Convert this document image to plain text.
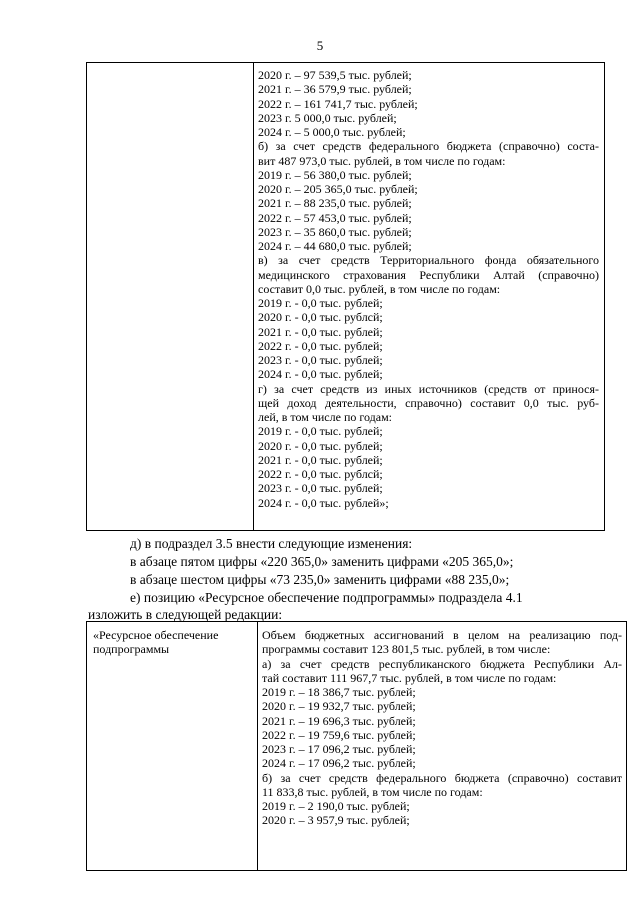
5
2020 г. – 97 539,5 тыс. рублей;
2021 г. – 36 579,9 тыс. рублей;
2022 г. – 161 741,7 тыс. рублей;
2023 г. 5 000,0 тыс. рублей;
2024 г. – 5 000,0 тыс. рублей;
б) за счет средств федерального бюджета (справочно) соста-
вит 487 973,0 тыс. рублей, в том числе по годам:
2019 г. – 56 380,0 тыс. рублей;
2020 г. – 205 365,0 тыс. рублей;
2021 г. – 88 235,0 тыс. рублей;
2022 г. – 57 453,0 тыс. рублей;
2023 г. – 35 860,0 тыс. рублей;
2024 г. – 44 680,0 тыс. рублей;
в) за счет средств Территориального фонда обязательного
медицинского страхования Республики Алтай (справочно)
составит 0,0 тыс. рублей, в том числе по годам:
2019 г. - 0,0 тыс. рублей;
2020 г. - 0,0 тыс. рублсй;
2021 г. - 0,0 тыс. рублей;
2022 г. - 0,0 тыс. рублей;
2023 г. - 0,0 тыс. рублей;
2024 г. - 0,0 тыс. рублей;
г) за счет средств из иных источников (средств от принося-
щей доход деятельности, справочно) составит 0,0 тыс. руб-
лей, в том числе по годам:
2019 г. - 0,0 тыс. рублей;
2020 г. - 0,0 тыс. рублей;
2021 г. - 0,0 тыс. рублей;
2022 г. - 0,0 тыс. рублсй;
2023 г. - 0,0 тыс. рублей;
2024 г. - 0,0 тыс. рублей»;
д) в подраздел 3.5 внести следующие изменения:
в абзаце пятом цифры «220 365,0» заменить цифрами «205 365,0»;
в абзаце шестом цифры «73 235,0» заменить цифрами «88 235,0»;
е) позицию «Ресурсное обеспечение подпрограммы» подраздела 4.1
изложить в следующей редакции:
«Ресурсное обеспечение
подпрограммы
Объем бюджетных ассигнований в целом на реализацию под-
программы составит 123 801,5 тыс. рублей, в том числе:
а) за счет средств республиканского бюджета Республики Ал-
тай составит 111 967,7 тыс. рублей, в том числе по годам:
2019 г. – 18 386,7 тыс. рублей;
2020 г. – 19 932,7 тыс. рублей;
2021 г. – 19 696,3 тыс. рублей;
2022 г. – 19 759,6 тыс. рублей;
2023 г. – 17 096,2 тыс. рублей;
2024 г. – 17 096,2 тыс. рублей;
б) за счет средств федерального бюджета (справочно) составит
11 833,8 тыс. рублей, в том числе по годам:
2019 г. – 2 190,0 тыс. рублей;
2020 г. – 3 957,9 тыс. рублей;
